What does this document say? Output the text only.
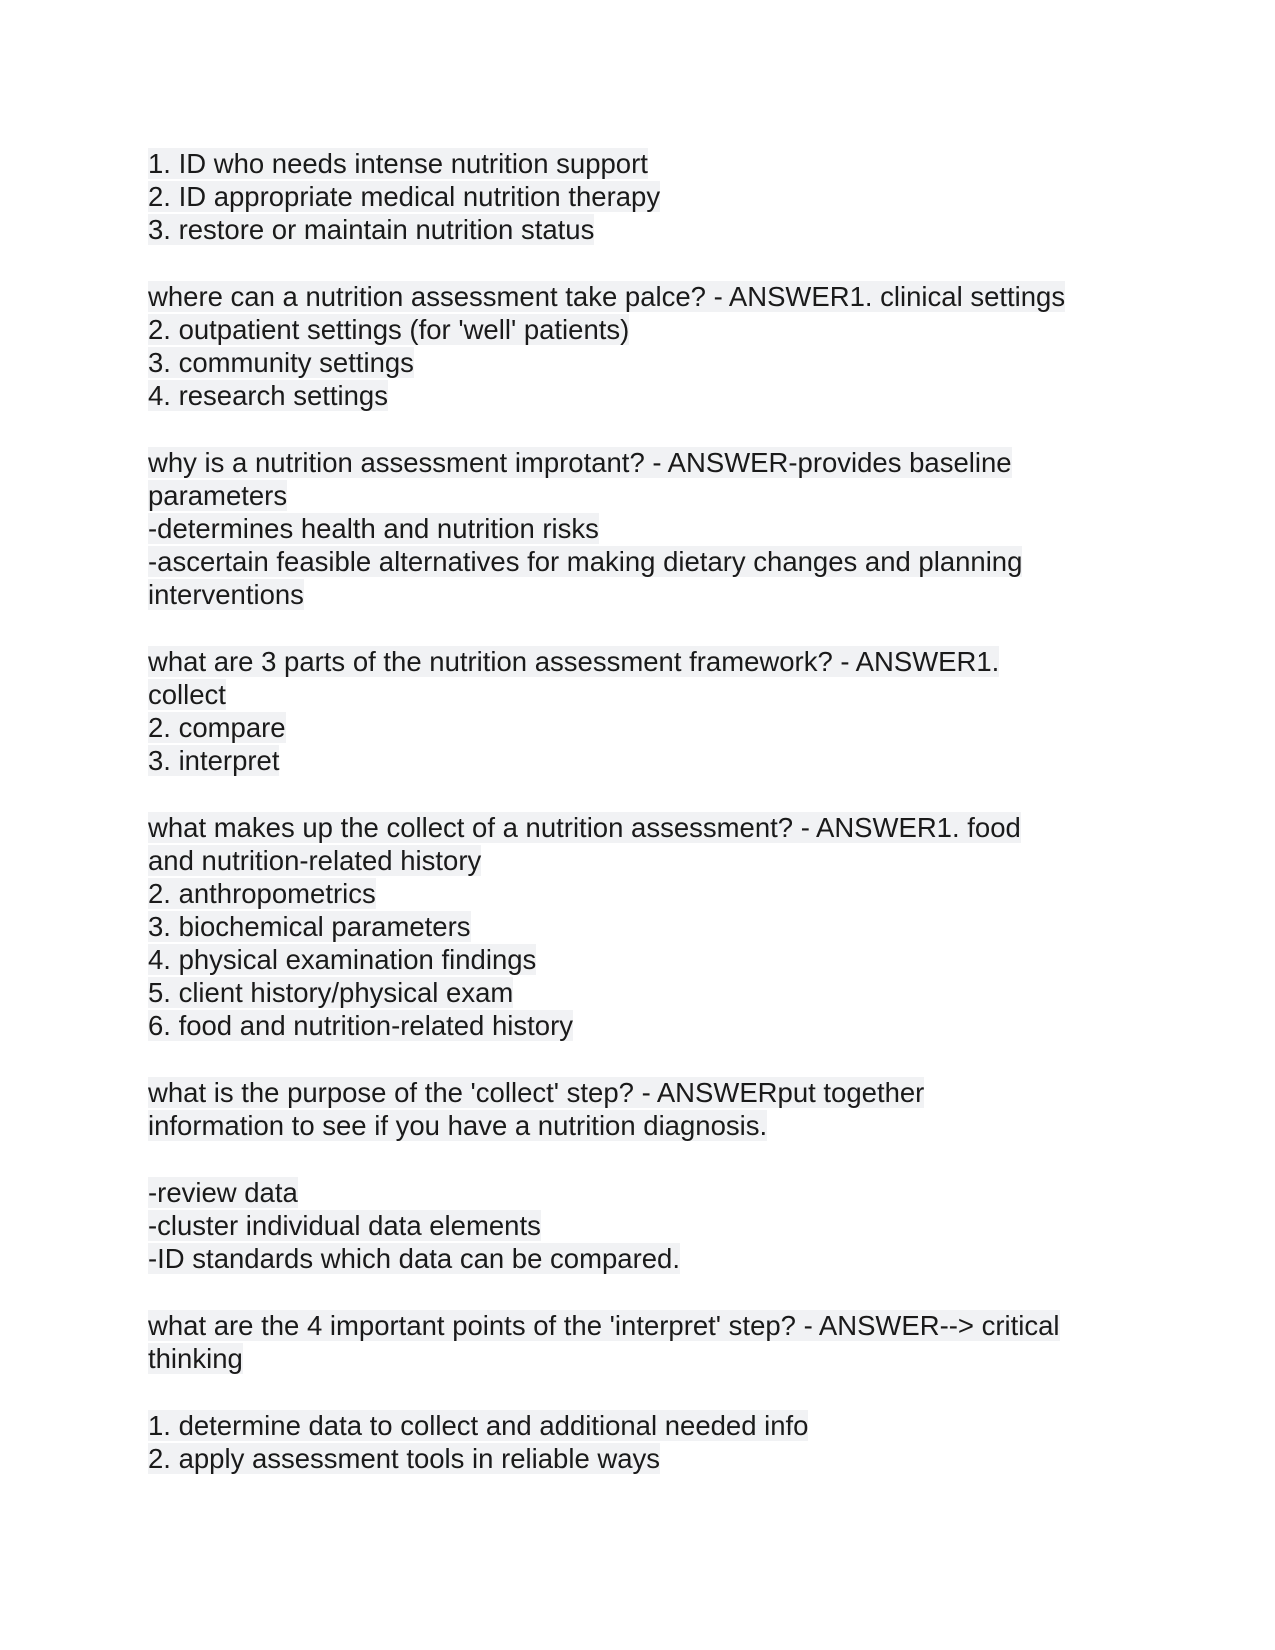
1. ID who needs intense nutrition support
2. ID appropriate medical nutrition therapy
3. restore or maintain nutrition status
where can a nutrition assessment take palce? - ANSWER1. clinical settings
2. outpatient settings (for 'well' patients)
3. community settings
4. research settings
why is a nutrition assessment improtant? - ANSWER-provides baseline
parameters
-determines health and nutrition risks
-ascertain feasible alternatives for making dietary changes and planning
interventions
what are 3 parts of the nutrition assessment framework? - ANSWER1.
collect
2. compare
3. interpret
what makes up the collect of a nutrition assessment? - ANSWER1. food
and nutrition-related history
2. anthropometrics
3. biochemical parameters
4. physical examination findings
5. client history/physical exam
6. food and nutrition-related history
what is the purpose of the 'collect' step? - ANSWERput together
information to see if you have a nutrition diagnosis.
-review data
-cluster individual data elements
-ID standards which data can be compared.
what are the 4 important points of the 'interpret' step? - ANSWER--> critical
thinking
1. determine data to collect and additional needed info
2. apply assessment tools in reliable ways
